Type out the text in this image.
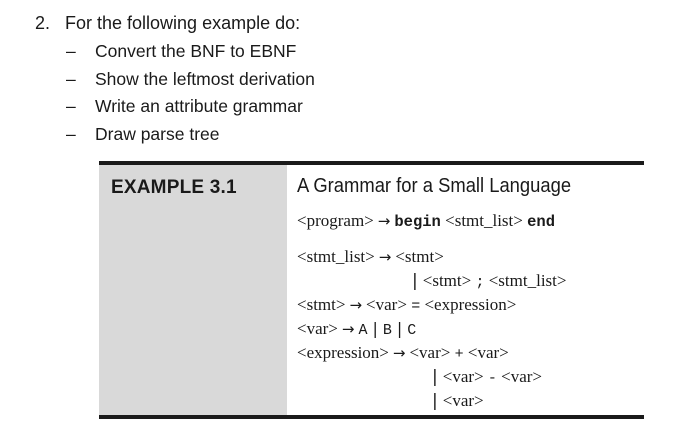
2. For the following example do:
– Convert the BNF to EBNF
– Show the leftmost derivation
– Write an attribute grammar
– Draw parse tree
EXAMPLE 3.1	A Grammar for a Small Language
<program> → begin <stmt_list> end
<stmt_list> → <stmt>
| <stmt> ; <stmt_list>
<stmt> → <var> = <expression>
<var> → A | B | C
<expression> → <var> + <var>
| <var> - <var>
| <var>
